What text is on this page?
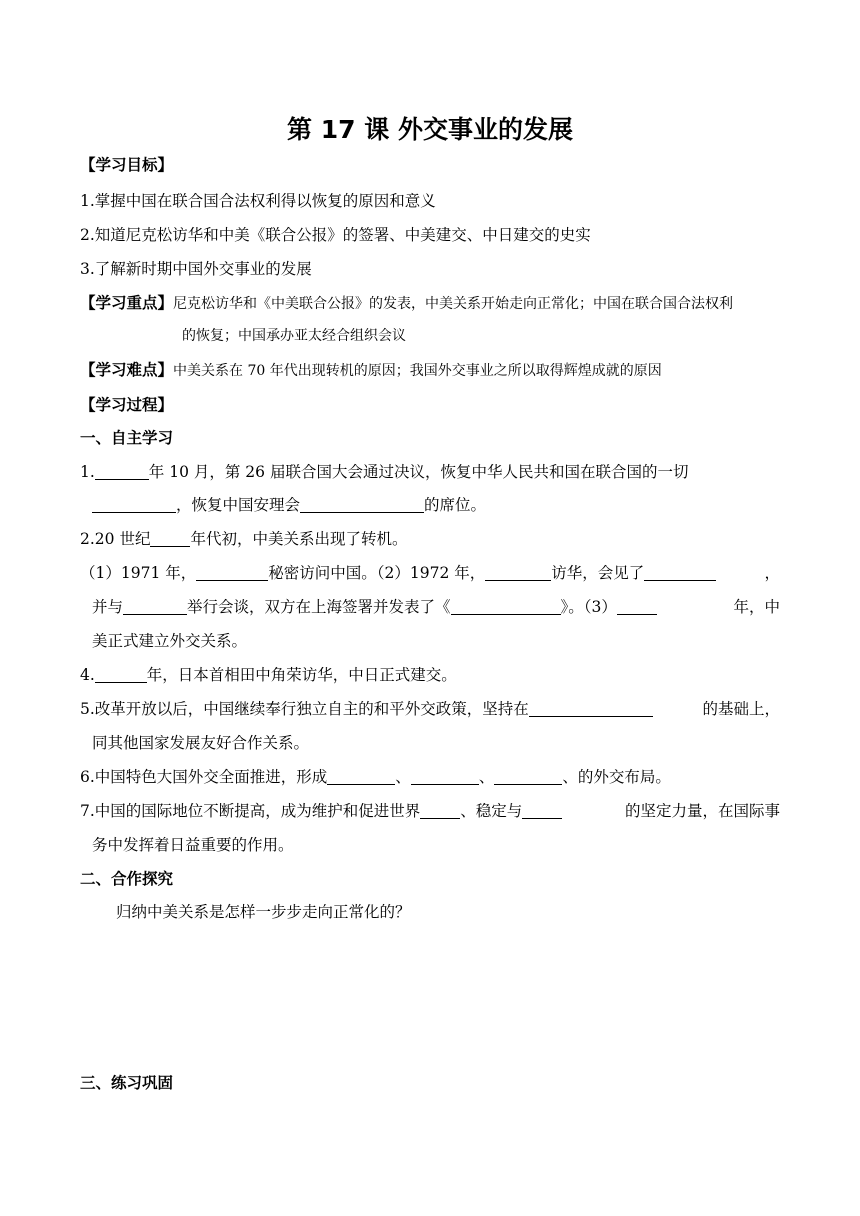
第 17 课 外交事业的发展
【学习目标】
1.掌握中国在联合国合法权利得以恢复的原因和意义
2.知道尼克松访华和中美《联合公报》的签署、中美建交、中日建交的史实
3.了解新时期中国外交事业的发展
【学习重点】尼克松访华和《中美联合公报》的发表，中美关系开始走向正常化；中国在联合国合法权利
的恢复；中国承办亚太经合组织会议
【学习难点】中美关系在 70 年代出现转机的原因；我国外交事业之所以取得辉煌成就的原因
【学习过程】
一、自主学习
1.	年 10 月，第 26 届联合国大会通过决议，恢复中华人民共和国在联合国的一切
，恢复中国安理会	的席位。
2.20 世纪	年代初，中美关系出现了转机。
（1）1971 年，	秘密访问中国。（2）1972 年，	访华，会见了	，
并与	举行会谈，双方在上海签署并发表了《	》。（3）	年，中
美正式建立外交关系。
4.	年，日本首相田中角荣访华，中日正式建交。
5.改革开放以后，中国继续奉行独立自主的和平外交政策，坚持在	的基础上，
同其他国家发展友好合作关系。
6.中国特色大国外交全面推进，形成	、	、	、的外交布局。
7.中国的国际地位不断提高，成为维护和促进世界	、稳定与	的坚定力量，在国际事
务中发挥着日益重要的作用。
二、合作探究
归纳中美关系是怎样一步步走向正常化的？
三、练习巩固
